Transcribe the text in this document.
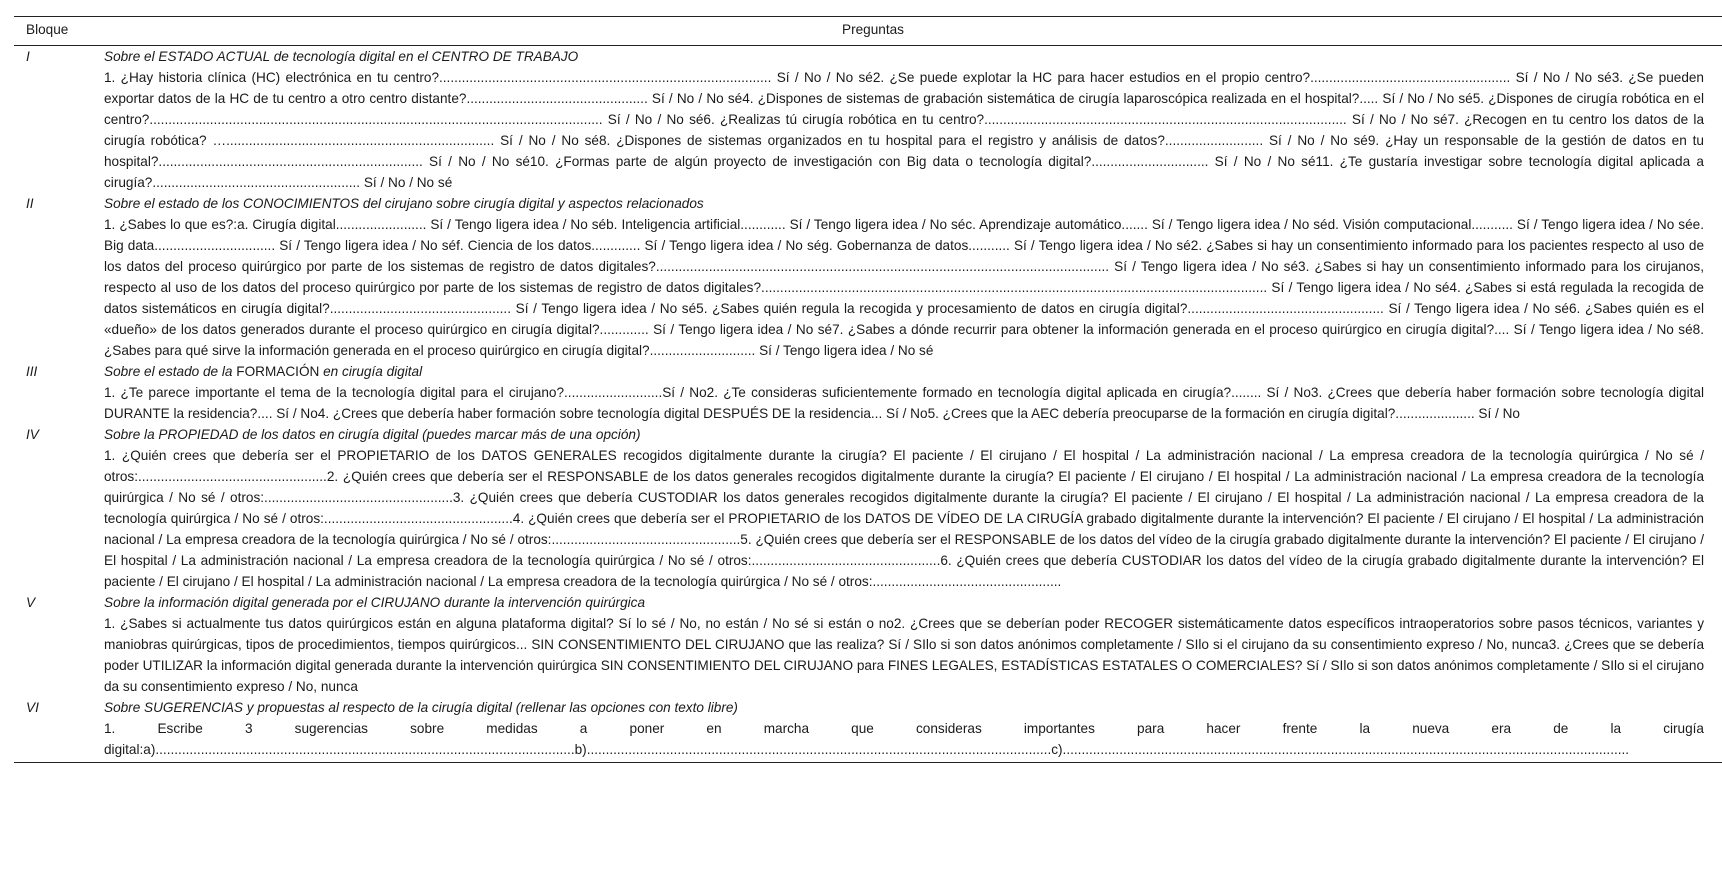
Bloque	Preguntas
I	Sobre el ESTADO ACTUAL de tecnología digital en el CENTRO DE TRABAJO
1. ¿Hay historia clínica (HC) electrónica en tu centro?........................................................................................ Sí / No / No sé2. ¿Se puede explotar la HC para hacer estudios en el propio centro?..................................................... Sí / No / No sé3. ¿Se pueden exportar datos de la HC de tu centro a otro centro distante?................................................ Sí / No / No sé4. ¿Dispones de sistemas de grabación sistemática de cirugía laparoscópica realizada en el hospital?..... Sí / No / No sé5. ¿Dispones de cirugía robótica en el centro?........................................................................................................................ Sí / No / No sé6. ¿Realizas tú cirugía robótica en tu centro?................................................................................................ Sí / No / No sé7. ¿Recogen en tu centro los datos de la cirugía robótica? …....................................................................... Sí / No / No sé8. ¿Dispones de sistemas organizados en tu hospital para el registro y análisis de datos?.......................... Sí / No / No sé9. ¿Hay un responsable de la gestión de datos en tu hospital?...................................................................... Sí / No / No sé10. ¿Formas parte de algún proyecto de investigación con Big data o tecnología digital?............................... Sí / No / No sé11. ¿Te gustaría investigar sobre tecnología digital aplicada a cirugía?....................................................... Sí / No / No sé

II	Sobre el estado de los CONOCIMIENTOS del cirujano sobre cirugía digital y aspectos relacionados
1. ¿Sabes lo que es?:a. Cirugía digital........................ Sí / Tengo ligera idea / No séb. Inteligencia artificial............ Sí / Tengo ligera idea / No séc. Aprendizaje automático....... Sí / Tengo ligera idea / No séd. Visión computacional........... Sí / Tengo ligera idea / No sée. Big data................................ Sí / Tengo ligera idea / No séf. Ciencia de los datos............. Sí / Tengo ligera idea / No ség. Gobernanza de datos........... Sí / Tengo ligera idea / No sé2. ¿Sabes si hay un consentimiento informado para los pacientes respecto al uso de los datos del proceso quirúrgico por parte de los sistemas de registro de datos digitales?........................................................................................................................ Sí / Tengo ligera idea / No sé3. ¿Sabes si hay un consentimiento informado para los cirujanos, respecto al uso de los datos del proceso quirúrgico por parte de los sistemas de registro de datos digitales?...................................................................................................................................... Sí / Tengo ligera idea / No sé4. ¿Sabes si está regulada la recogida de datos sistemáticos en cirugía digital?................................................ Sí / Tengo ligera idea / No sé5. ¿Sabes quién regula la recogida y procesamiento de datos en cirugía digital?.................................................... Sí / Tengo ligera idea / No sé6. ¿Sabes quién es el «dueño» de los datos generados durante el proceso quirúrgico en cirugía digital?............. Sí / Tengo ligera idea / No sé7. ¿Sabes a dónde recurrir para obtener la información generada en el proceso quirúrgico en cirugía digital?.... Sí / Tengo ligera idea / No sé8. ¿Sabes para qué sirve la información generada en el proceso quirúrgico en cirugía digital?............................ Sí / Tengo ligera idea / No sé

III	Sobre el estado de la FORMACIÓN en cirugía digital
1. ¿Te parece importante el tema de la tecnología digital para el cirujano?..........................Sí / No2. ¿Te consideras suficientemente formado en tecnología digital aplicada en cirugía?........ Sí / No3. ¿Crees que debería haber formación sobre tecnología digital DURANTE la residencia?.... Sí / No4. ¿Crees que debería haber formación sobre tecnología digital DESPUÉS DE la residencia... Sí / No5. ¿Crees que la AEC debería preocuparse de la formación en cirugía digital?..................... Sí / No

IV	Sobre la PROPIEDAD de los datos en cirugía digital (puedes marcar más de una opción)
1. ¿Quién crees que debería ser el PROPIETARIO de los DATOS GENERALES recogidos digitalmente durante la cirugía? El paciente / El cirujano / El hospital / La administración nacional / La empresa creadora de la tecnología quirúrgica / No sé / otros:..................................................2. ¿Quién crees que debería ser el RESPONSABLE de los datos generales recogidos digitalmente durante la cirugía? El paciente / El cirujano / El hospital / La administración nacional / La empresa creadora de la tecnología quirúrgica / No sé / otros:..................................................3. ¿Quién crees que debería CUSTODIAR los datos generales recogidos digitalmente durante la cirugía? El paciente / El cirujano / El hospital / La administración nacional / La empresa creadora de la tecnología quirúrgica / No sé / otros:..................................................4. ¿Quién crees que debería ser el PROPIETARIO de los DATOS DE VÍDEO DE LA CIRUGÍA grabado digitalmente durante la intervención? El paciente / El cirujano / El hospital / La administración nacional / La empresa creadora de la tecnología quirúrgica / No sé / otros:..................................................5. ¿Quién crees que debería ser el RESPONSABLE de los datos del vídeo de la cirugía grabado digitalmente durante la intervención? El paciente / El cirujano / El hospital / La administración nacional / La empresa creadora de la tecnología quirúrgica / No sé / otros:..................................................6. ¿Quién crees que debería CUSTODIAR los datos del vídeo de la cirugía grabado digitalmente durante la intervención? El paciente / El cirujano / El hospital / La administración nacional / La empresa creadora de la tecnología quirúrgica / No sé / otros:..................................................

V	Sobre la información digital generada por el CIRUJANO durante la intervención quirúrgica
1. ¿Sabes si actualmente tus datos quirúrgicos están en alguna plataforma digital? Sí lo sé / No, no están / No sé si están o no2. ¿Crees que se deberían poder RECOGER sistemáticamente datos específicos intraoperatorios sobre pasos técnicos, variantes y maniobras quirúrgicas, tipos de procedimientos, tiempos quirúrgicos... SIN CONSENTIMIENTO DEL CIRUJANO que las realiza? Sí / SIlo si son datos anónimos completamente / SIlo si el cirujano da su consentimiento expreso / No, nunca3. ¿Crees que se debería poder UTILIZAR la información digital generada durante la intervención quirúrgica SIN CONSENTIMIENTO DEL CIRUJANO para FINES LEGALES, ESTADÍSTICAS ESTATALES O COMERCIALES? Sí / SIlo si son datos anónimos completamente / SIlo si el cirujano da su consentimiento expreso / No, nunca

VI	Sobre SUGERENCIAS y propuestas al respecto de la cirugía digital (rellenar las opciones con texto libre)
1. Escribe 3 sugerencias sobre medidas a poner en marcha que consideras importantes para hacer frente la nueva era de la cirugía digital:a)...............................................................................................................b)...........................................................................................................................c)......................................................................................................................................................
